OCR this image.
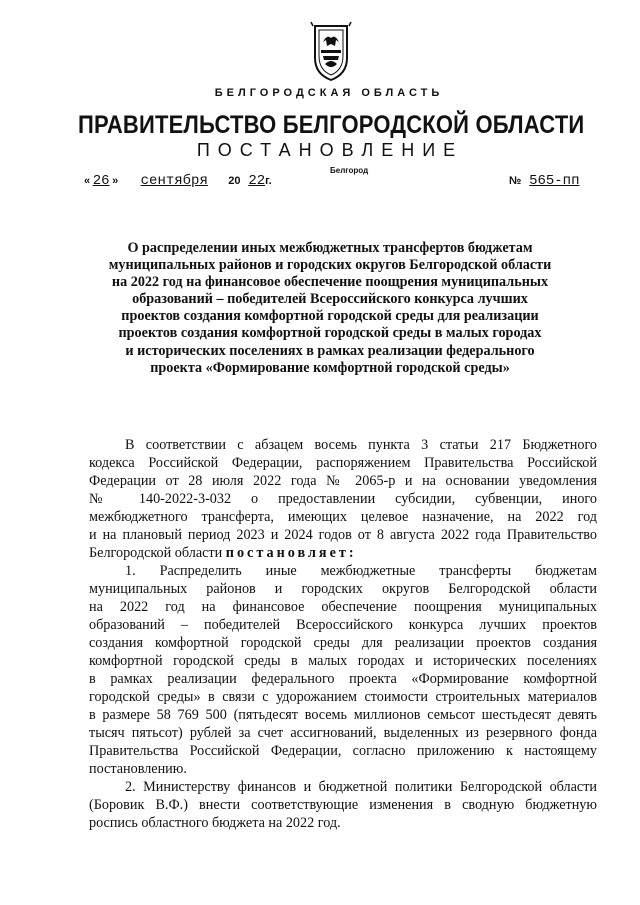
БЕЛГОРОДСКАЯ ОБЛАСТЬ
ПРАВИТЕЛЬСТВО БЕЛГОРОДСКОЙ ОБЛАСТИ
ПОСТАНОВЛЕНИЕ
Белгород
« 26 » сентября 20 22г.	№ 565-пп
О распределении иных межбюджетных трансфертов бюджетам
муниципальных районов и городских округов Белгородской области
на 2022 год на финансовое обеспечение поощрения муниципальных
образований – победителей Всероссийского конкурса лучших
проектов создания комфортной городской среды для реализации
проектов создания комфортной городской среды в малых городах
и исторических поселениях в рамках реализации федерального
проекта «Формирование комфортной городской среды»
В соответствии с абзацем восемь пункта 3 статьи 217 Бюджетного
кодекса Российской Федерации, распоряжением Правительства Российской
Федерации от 28 июля 2022 года № 2065-р и на основании уведомления
№ 140-2022-3-032 о предоставлении субсидии, субвенции, иного
межбюджетного трансферта, имеющих целевое назначение, на 2022 год
и на плановый период 2023 и 2024 годов от 8 августа 2022 года Правительство
Белгородской области постановляет:
1. Распределить иные межбюджетные трансферты бюджетам
муниципальных районов и городских округов Белгородской области
на 2022 год на финансовое обеспечение поощрения муниципальных
образований – победителей Всероссийского конкурса лучших проектов
создания комфортной городской среды для реализации проектов создания
комфортной городской среды в малых городах и исторических поселениях
в рамках реализации федерального проекта «Формирование комфортной
городской среды» в связи с удорожанием стоимости строительных материалов
в размере 58 769 500 (пятьдесят восемь миллионов семьсот шестьдесят девять
тысяч пятьсот) рублей за счет ассигнований, выделенных из резервного фонда
Правительства Российской Федерации, согласно приложению к настоящему
постановлению.
2. Министерству финансов и бюджетной политики Белгородской области
(Боровик В.Ф.) внести соответствующие изменения в сводную бюджетную
роспись областного бюджета на 2022 год.
